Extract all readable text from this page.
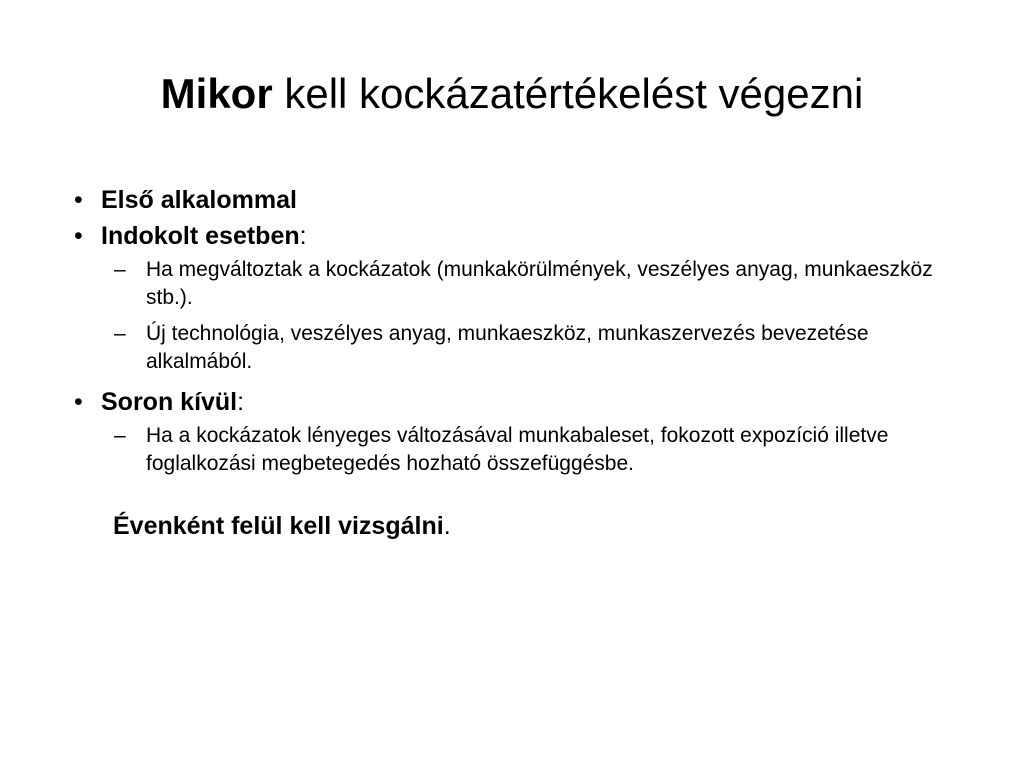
Mikor kell kockázatértékelést végezni
• Első alkalommal
• Indokolt esetben:
– Ha megváltoztak a kockázatok (munkakörülmények, veszélyes anyag, munkaeszköz stb.).
– Új technológia, veszélyes anyag, munkaeszköz, munkaszervezés bevezetése alkalmából.
• Soron kívül:
– Ha a kockázatok lényeges változásával munkabaleset, fokozott expozíció illetve foglalkozási megbetegedés hozható összefüggésbe.
Évenként felül kell vizsgálni.
